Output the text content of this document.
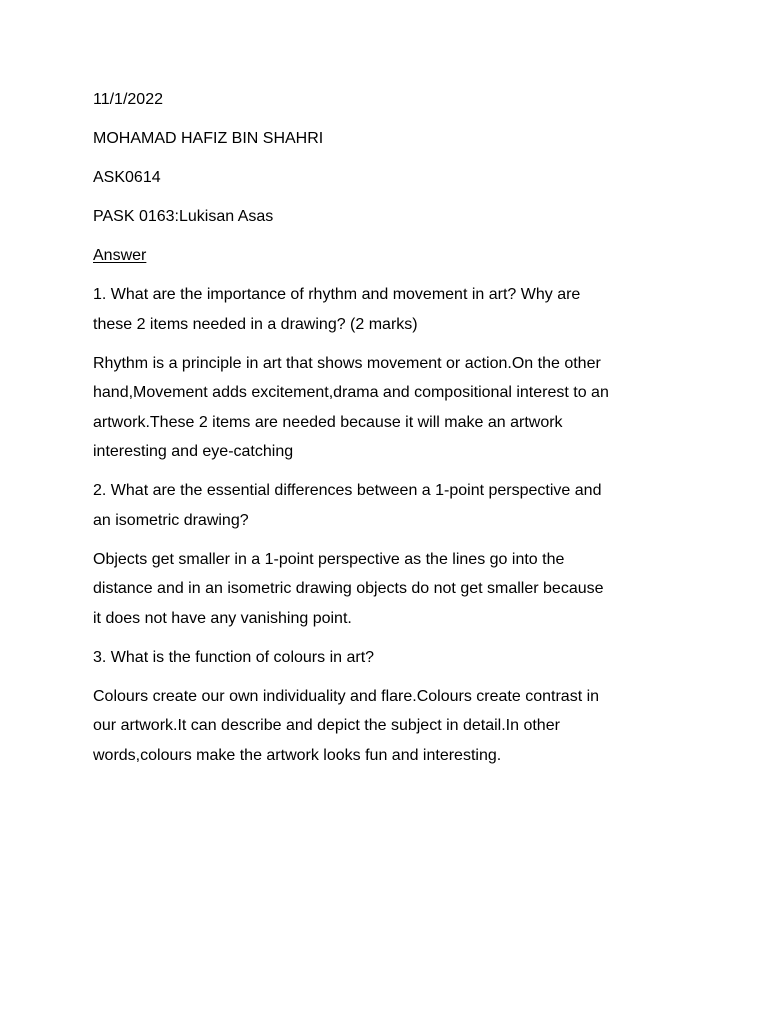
11/1/2022
MOHAMAD HAFIZ BIN SHAHRI
ASK0614
PASK 0163:Lukisan Asas
Answer
1. What are the importance of rhythm and movement in art? Why are
these 2 items needed in a drawing? (2 marks)
Rhythm is a principle in art that shows movement or action.On the other
hand,Movement adds excitement,drama and compositional interest to an
artwork.These 2 items are needed because it will make an artwork
interesting and eye-catching
2. What are the essential differences between a 1-point perspective and
an isometric drawing?
Objects get smaller in a 1-point perspective as the lines go into the
distance and in an isometric drawing objects do not get smaller because
it does not have any vanishing point.
3. What is the function of colours in art?
Colours create our own individuality and flare.Colours create contrast in
our artwork.It can describe and depict the subject in detail.In other
words,colours make the artwork looks fun and interesting.
